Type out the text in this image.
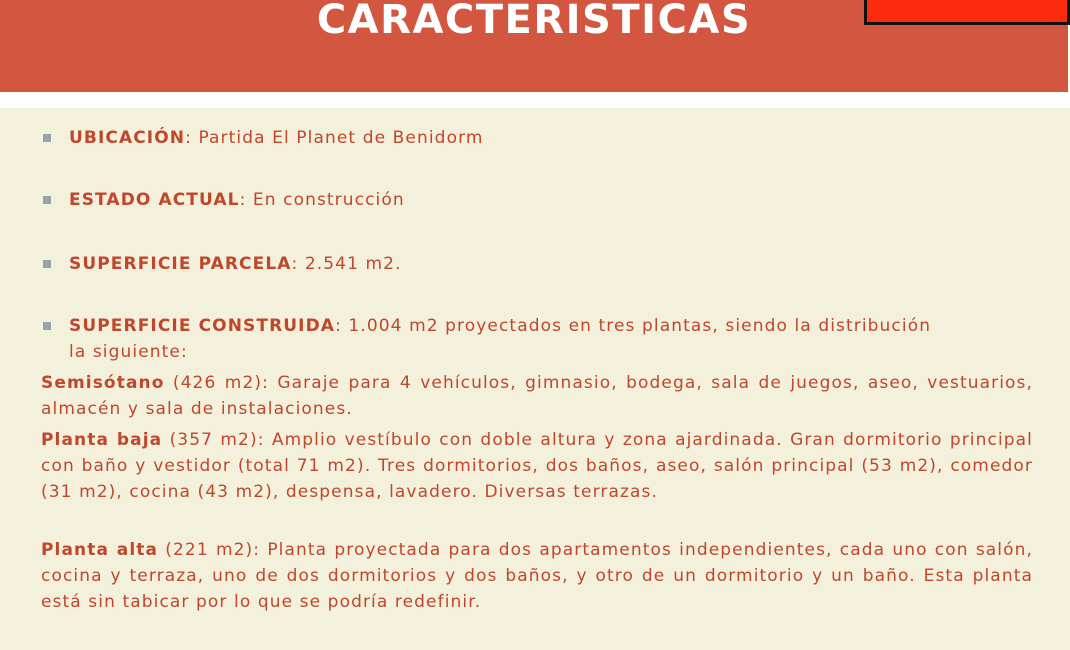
CARACTERISTICAS
UBICACIÓN: Partida El Planet de Benidorm
ESTADO ACTUAL: En construcción
SUPERFICIE PARCELA: 2.541 m2.
SUPERFICIE CONSTRUIDA: 1.004 m2 proyectados en tres plantas, siendo la distribución la siguiente:
Semisótano (426 m2): Garaje para 4 vehículos, gimnasio, bodega, sala de juegos, aseo, vestuarios, almacén y sala de instalaciones.
Planta baja (357 m2): Amplio vestíbulo con doble altura y zona ajardinada. Gran dormitorio principal con baño y vestidor (total 71 m2). Tres dormitorios, dos baños, aseo, salón principal (53 m2), comedor (31 m2), cocina (43 m2), despensa, lavadero. Diversas terrazas.
Planta alta (221 m2): Planta proyectada para dos apartamentos independientes, cada uno con salón, cocina y terraza, uno de dos dormitorios y dos baños, y otro de un dormitorio y un baño. Esta planta está sin tabicar por lo que se podría redefinir.
